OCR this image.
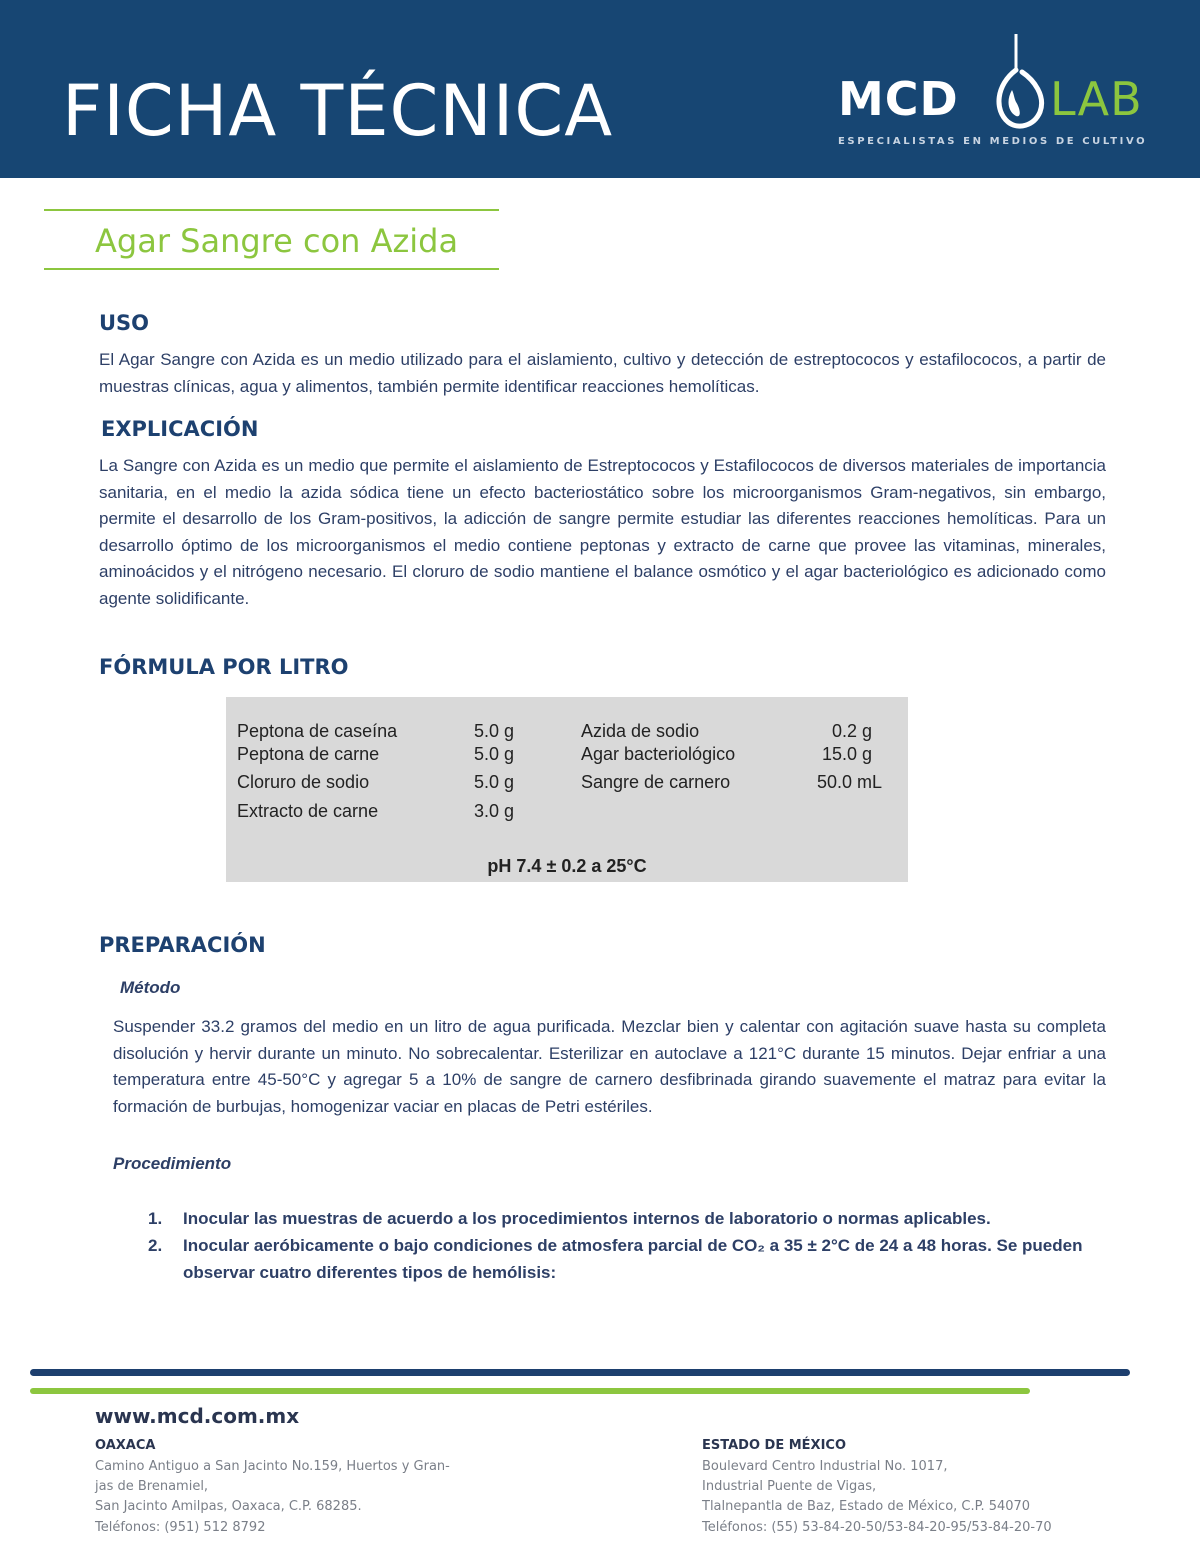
FICHA TÉCNICA	MCD LAB
ESPECIALISTAS EN MEDIOS DE CULTIVO
Agar Sangre con Azida
USO

El Agar Sangre con Azida es un medio utilizado para el aislamiento, cultivo y detección de estreptococos y estafilococos, a partir de muestras clínicas, agua y alimentos, también permite identificar reacciones hemolíticas.

EXPLICACIÓN

La Sangre con Azida es un medio que permite el aislamiento de Estreptococos y Estafilococos de diversos materiales de importancia sanitaria, en el medio la azida sódica tiene un efecto bacteriostático sobre los microorganismos Gram-negativos, sin embargo, permite el desarrollo de los Gram-positivos, la adicción de sangre permite estudiar las diferentes reacciones hemolíticas. Para un desarrollo óptimo de los microorganismos el medio contiene peptonas y extracto de carne que provee las vitaminas, minerales, aminoácidos y el nitrógeno necesario. El cloruro de sodio mantiene el balance osmótico y el agar bacteriológico es adicionado como agente solidificante.

FÓRMULA POR LITRO
Peptona de caseína	5.0 g
Peptona de carne	5.0 g
Cloruro de sodio	5.0 g
Extracto de carne	3.0 g
Azida de sodio	0.2 g
Agar bacteriológico	15.0 g
Sangre de carnero	50.0 mL
pH 7.4 ± 0.2 a 25°C
PREPARACIÓN
Método

Suspender 33.2 gramos del medio en un litro de agua purificada. Mezclar bien y calentar con agitación suave hasta su completa disolución y hervir durante un minuto. No sobrecalentar. Esterilizar en autoclave a 121°C durante 15 minutos. Dejar enfriar a una temperatura entre 45-50°C y agregar 5 a 10% de sangre de carnero desfibrinada girando suavemente el matraz para evitar la formación de burbujas, homogenizar vaciar en placas de Petri estériles.

Procedimiento
1. Inocular las muestras de acuerdo a los procedimientos internos de laboratorio o normas aplicables.
2. Inocular aeróbicamente o bajo condiciones de atmosfera parcial de CO₂ a 35 ± 2°C de 24 a 48 horas. Se pueden observar cuatro diferentes tipos de hemólisis:
www.mcd.com.mx
OAXACA
Camino Antiguo a San Jacinto No.159, Huertos y Gran-
jas de Brenamiel,
San Jacinto Amilpas, Oaxaca, C.P. 68285.
Teléfonos: (951) 512 8792
ESTADO DE MÉXICO
Boulevard Centro Industrial No. 1017,
Industrial Puente de Vigas,
Tlalnepantla de Baz, Estado de México, C.P. 54070
Teléfonos: (55) 53-84-20-50/53-84-20-95/53-84-20-70
